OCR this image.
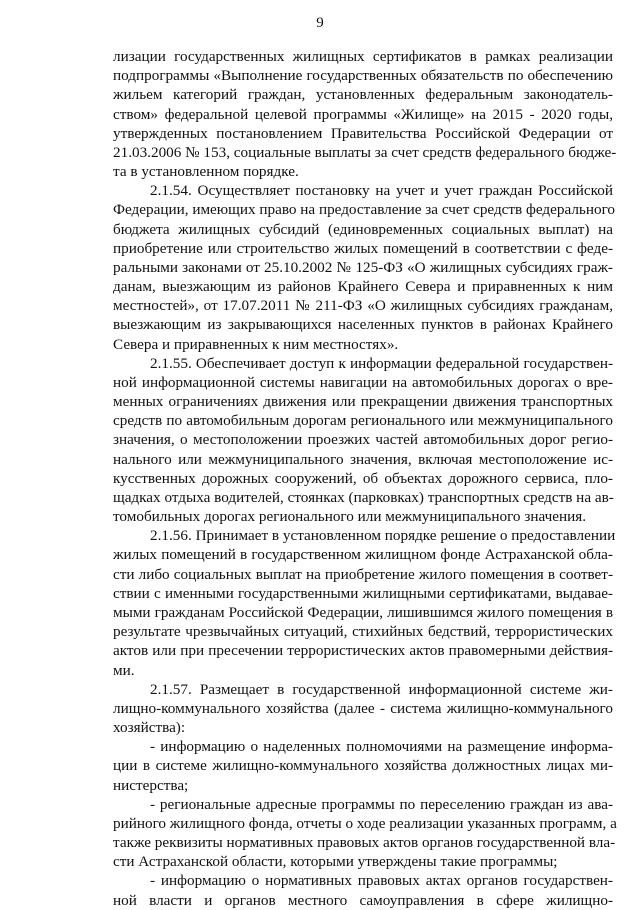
9
лизации государственных жилищных сертификатов в рамках реализации
подпрограммы «Выполнение государственных обязательств по обеспечению
жильем категорий граждан, установленных федеральным законодатель-
ством» федеральной целевой программы «Жилище» на 2015 - 2020 годы,
утвержденных постановлением Правительства Российской Федерации от
21.03.2006 № 153, социальные выплаты за счет средств федерального бюдже-
та в установленном порядке.
2.1.54. Осуществляет постановку на учет и учет граждан Российской
Федерации, имеющих право на предоставление за счет средств федерального
бюджета жилищных субсидий (единовременных социальных выплат) на
приобретение или строительство жилых помещений в соответствии с феде-
ральными законами от 25.10.2002 № 125-ФЗ «О жилищных субсидиях граж-
данам, выезжающим из районов Крайнего Севера и приравненных к ним
местностей», от 17.07.2011 № 211-ФЗ «О жилищных субсидиях гражданам,
выезжающим из закрывающихся населенных пунктов в районах Крайнего
Севера и приравненных к ним местностях».
2.1.55. Обеспечивает доступ к информации федеральной государствен-
ной информационной системы навигации на автомобильных дорогах о вре-
менных ограничениях движения или прекращении движения транспортных
средств по автомобильным дорогам регионального или межмуниципального
значения, о местоположении проезжих частей автомобильных дорог регио-
нального или межмуниципального значения, включая местоположение ис-
кусственных дорожных сооружений, об объектах дорожного сервиса, пло-
щадках отдыха водителей, стоянках (парковках) транспортных средств на ав-
томобильных дорогах регионального или межмуниципального значения.
2.1.56. Принимает в установленном порядке решение о предоставлении
жилых помещений в государственном жилищном фонде Астраханской обла-
сти либо социальных выплат на приобретение жилого помещения в соответ-
ствии с именными государственными жилищными сертификатами, выдавае-
мыми гражданам Российской Федерации, лишившимся жилого помещения в
результате чрезвычайных ситуаций, стихийных бедствий, террористических
актов или при пресечении террористических актов правомерными действия-
ми.
2.1.57. Размещает в государственной информационной системе жи-
лищно-коммунального хозяйства (далее - система жилищно-коммунального
хозяйства):
- информацию о наделенных полномочиями на размещение информа-
ции в системе жилищно-коммунального хозяйства должностных лицах ми-
нистерства;
- региональные адресные программы по переселению граждан из ава-
рийного жилищного фонда, отчеты о ходе реализации указанных программ, а
также реквизиты нормативных правовых актов органов государственной вла-
сти Астраханской области, которыми утверждены такие программы;
- информацию о нормативных правовых актах органов государствен-
ной власти и органов местного самоуправления в сфере жилищно-
